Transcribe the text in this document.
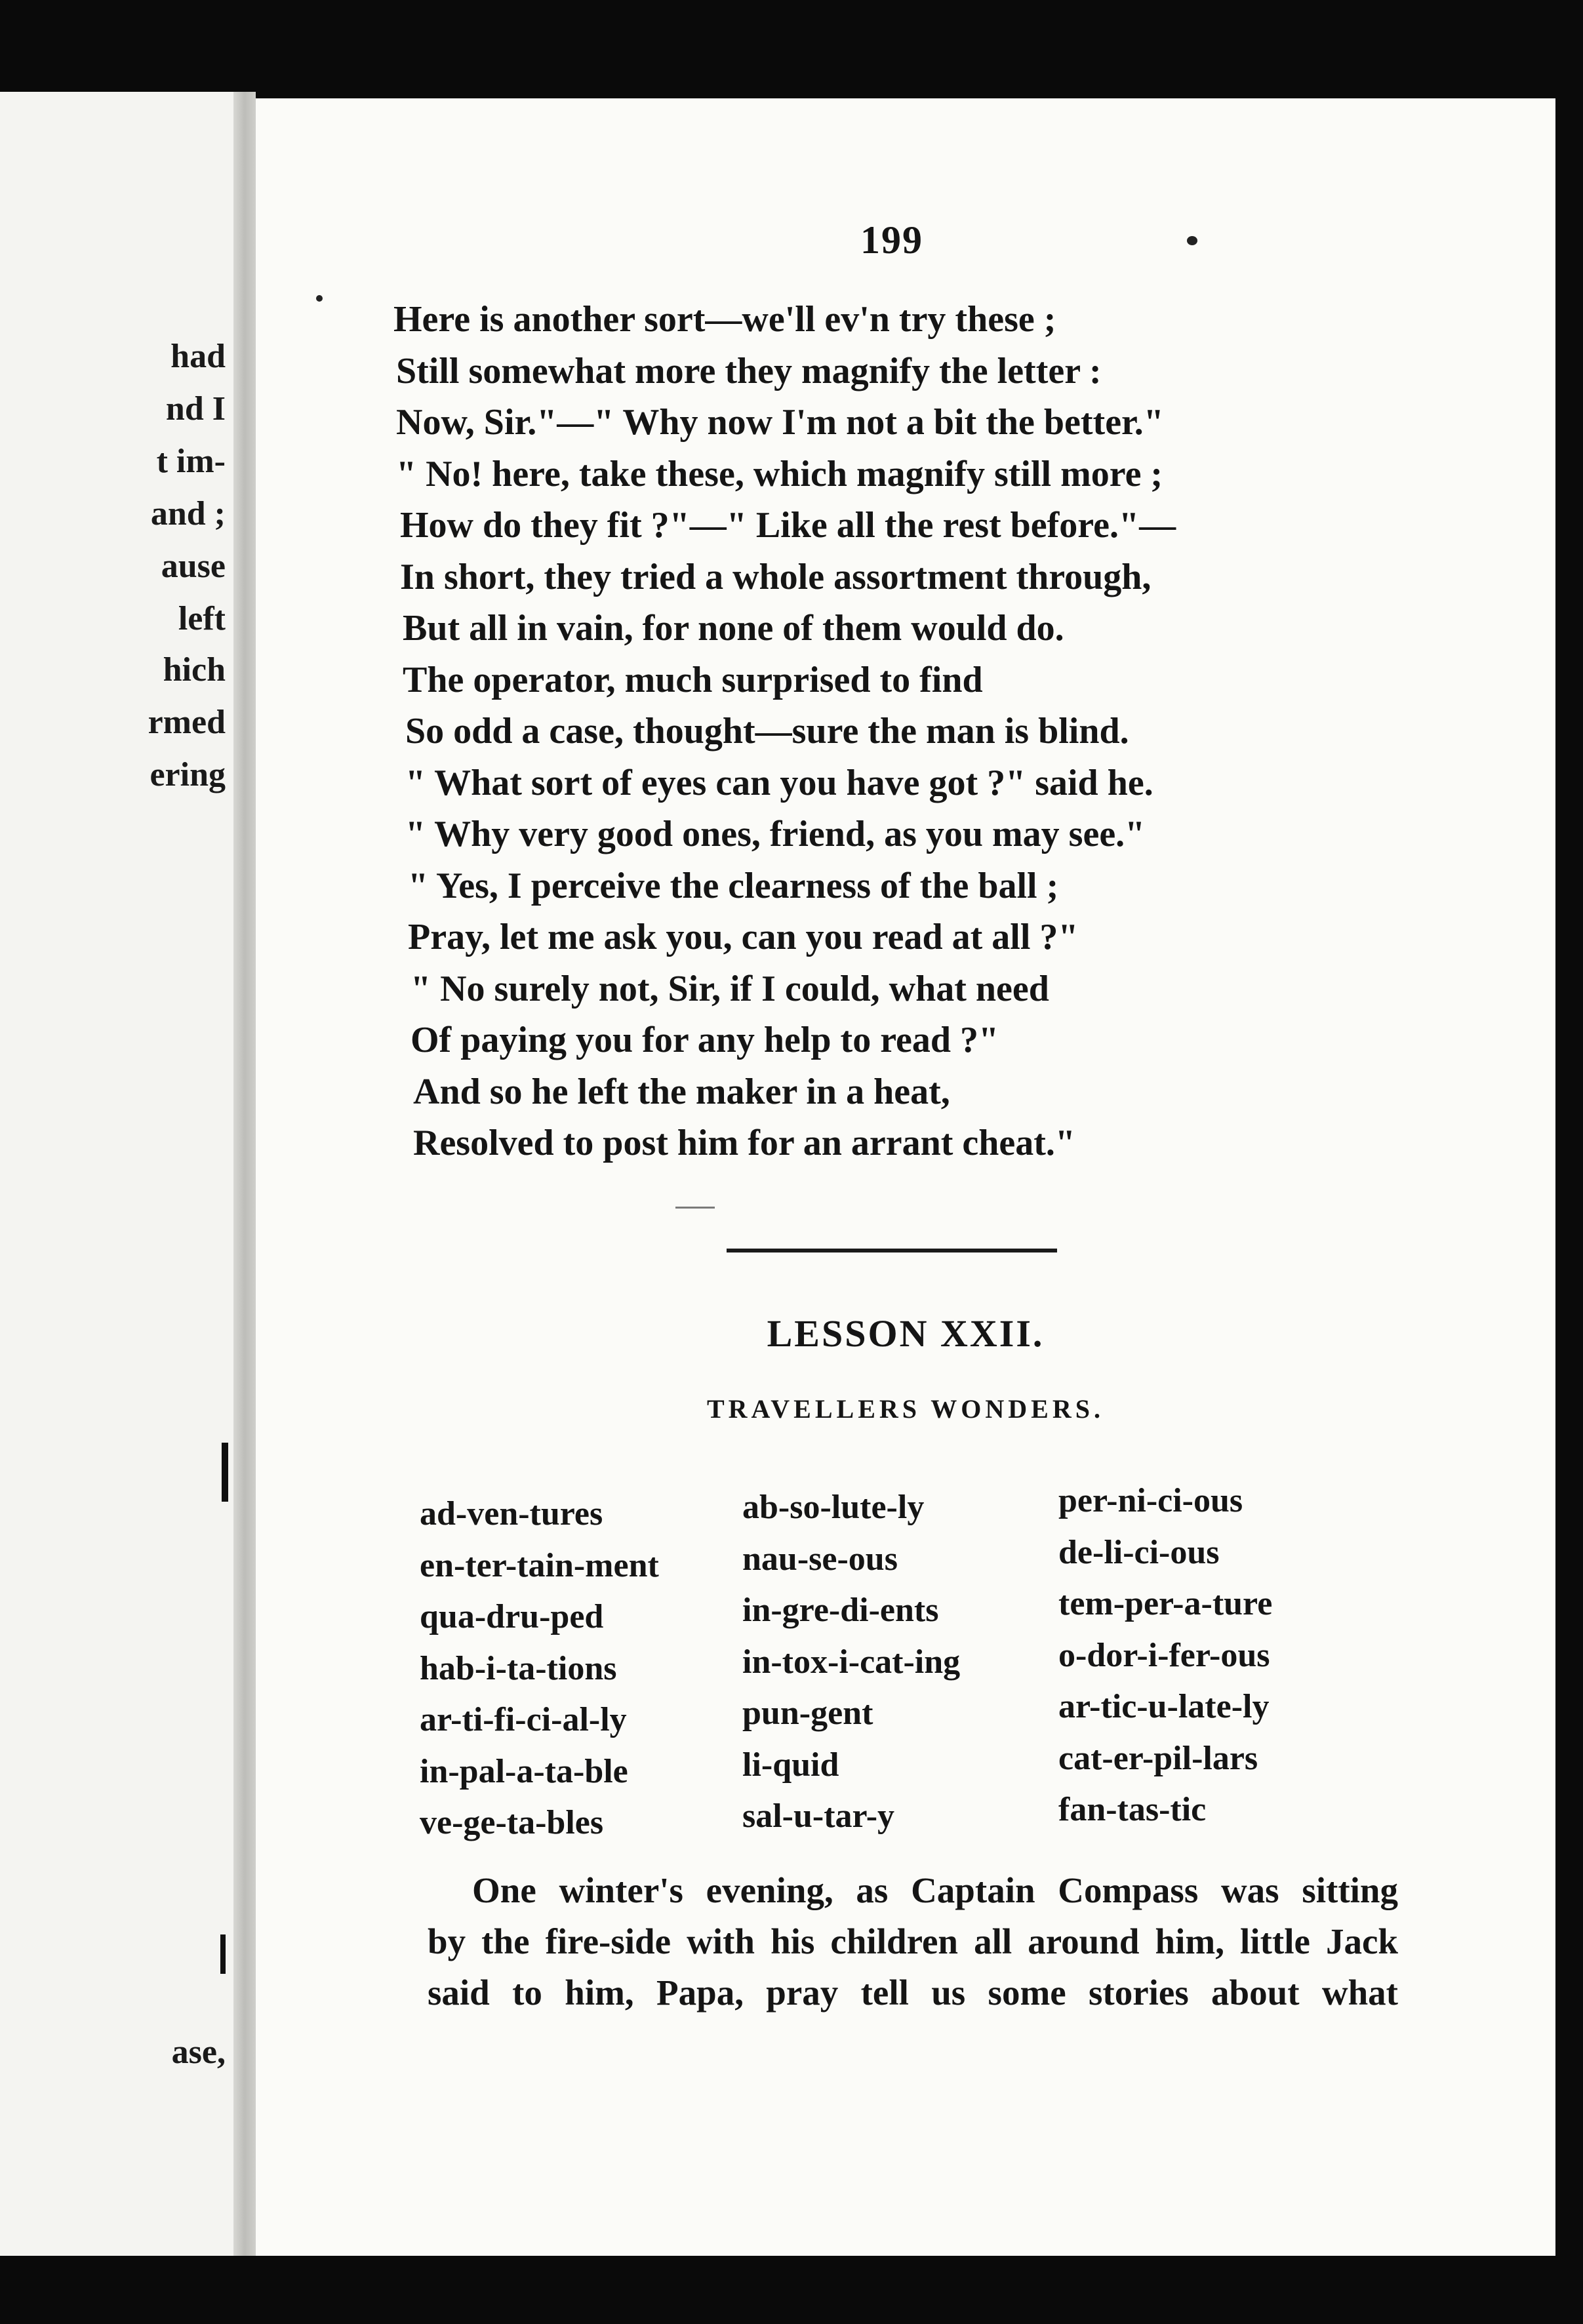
had
nd I
t im-
and ;
ause
left
hich
rmed
ering
ase,
199
Here is another sort—we'll ev'n try these ;
Still somewhat more they magnify the letter :
Now, Sir."—" Why now I'm not a bit the better."
" No! here, take these, which magnify still more ;
How do they fit ?"—" Like all the rest before."—
In short, they tried a whole assortment through,
But all in vain, for none of them would do.
The operator, much surprised to find
So odd a case, thought—sure the man is blind.
" What sort of eyes can you have got ?" said he.
" Why very good ones, friend, as you may see."
" Yes, I perceive the clearness of the ball ;
Pray, let me ask you, can you read at all ?"
" No surely not, Sir, if I could, what need
Of paying you for any help to read ?"
And so he left the maker in a heat,
Resolved to post him for an arrant cheat."
LESSON XXII.
TRAVELLERS WONDERS.
ad-ven-tures
en-ter-tain-ment
qua-dru-ped
hab-i-ta-tions
ar-ti-fi-ci-al-ly
in-pal-a-ta-ble
ve-ge-ta-bles
ab-so-lute-ly
nau-se-ous
in-gre-di-ents
in-tox-i-cat-ing
pun-gent
li-quid
sal-u-tar-y
per-ni-ci-ous
de-li-ci-ous
tem-per-a-ture
o-dor-i-fer-ous
ar-tic-u-late-ly
cat-er-pil-lars
fan-tas-tic
One winter's evening, as Captain Compass was sitting
by the fire-side with his children all around him, little Jack
said to him, Papa, pray tell us some stories about what
